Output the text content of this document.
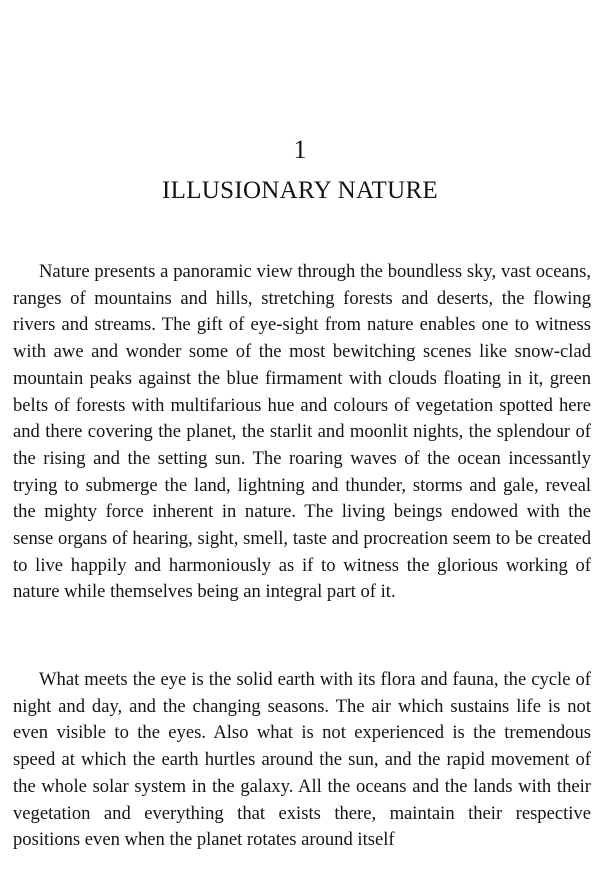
1
ILLUSIONARY NATURE

Nature presents a panoramic view through the boundless sky, vast oceans, ranges of mountains and hills, stretching forests and deserts, the flowing rivers and streams. The gift of eye-sight from nature enables one to witness with awe and wonder some of the most bewitching scenes like snow-clad mountain peaks against the blue firmament with clouds floating in it, green belts of forests with multifarious hue and colours of vegetation spotted here and there covering the planet, the starlit and moonlit nights, the splendour of the rising and the setting sun. The roaring waves of the ocean incessantly trying to submerge the land, lightning and thunder, storms and gale, reveal the mighty force inherent in nature. The living beings endowed with the sense organs of hearing, sight, smell, taste and procreation seem to be created to live happily and harmoniously as if to witness the glorious working of nature while themselves being an integral part of it.

What meets the eye is the solid earth with its flora and fauna, the cycle of night and day, and the changing seasons. The air which sustains life is not even visible to the eyes. Also what is not experienced is the tremendous speed at which the earth hurtles around the sun, and the rapid movement of the whole solar system in the galaxy. All the oceans and the lands with their vegetation and everything that exists there, maintain their respective positions even when the planet rotates around itself
